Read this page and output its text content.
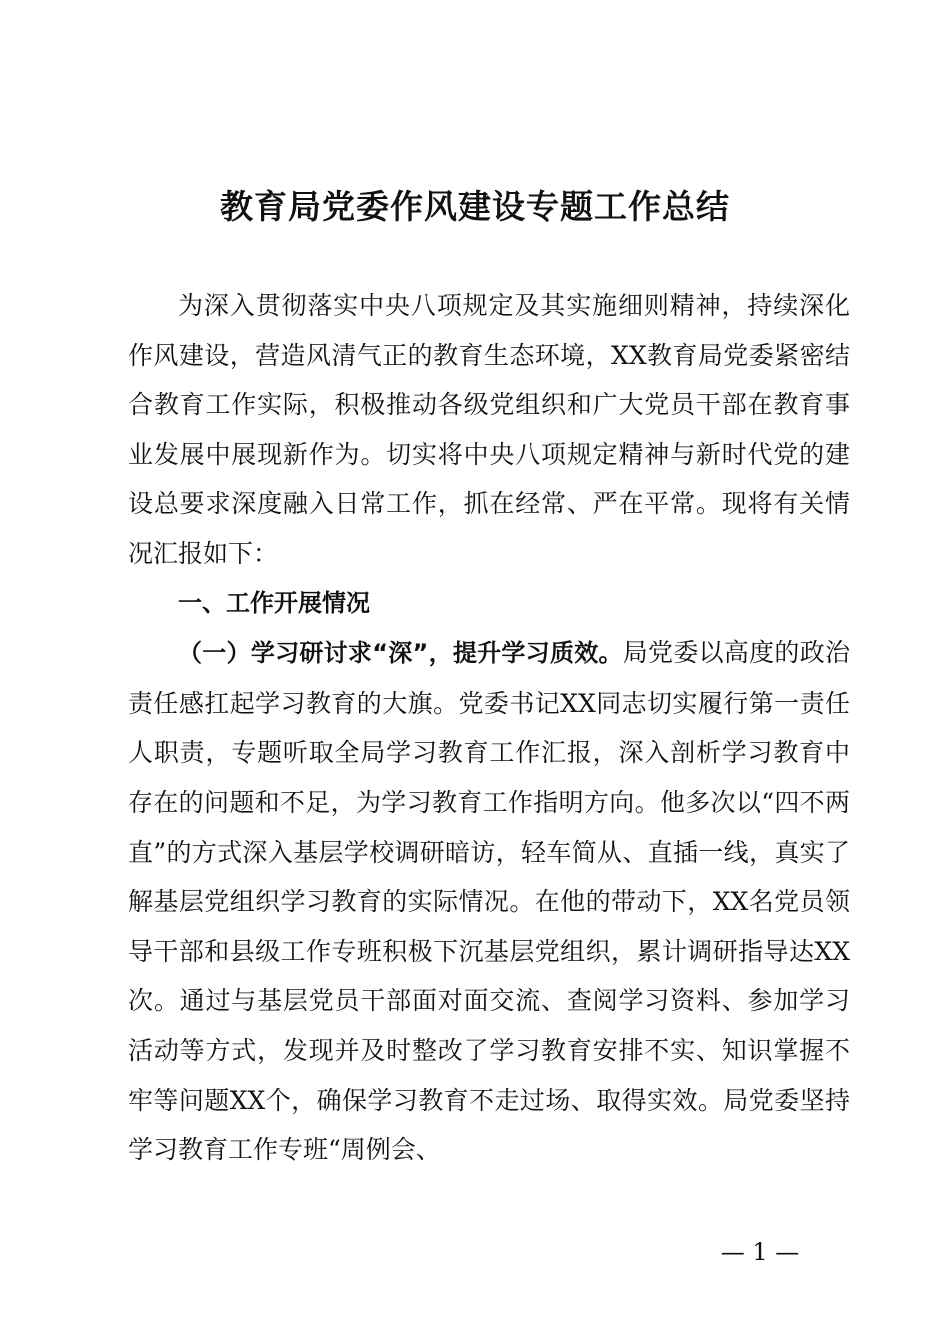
教育局党委作风建设专题工作总结

为深入贯彻落实中央八项规定及其实施细则精神，持续深化作风建设，营造风清气正的教育生态环境，XX教育局党委紧密结合教育工作实际，积极推动各级党组织和广大党员干部在教育事业发展中展现新作为。切实将中央八项规定精神与新时代党的建设总要求深度融入日常工作，抓在经常、严在平常。现将有关情况汇报如下：

一、工作开展情况

（一）学习研讨求“深”，提升学习质效。局党委以高度的政治责任感扛起学习教育的大旗。党委书记XX同志切实履行第一责任人职责，专题听取全局学习教育工作汇报，深入剖析学习教育中存在的问题和不足，为学习教育工作指明方向。他多次以“四不两直”的方式深入基层学校调研暗访，轻车简从、直插一线，真实了解基层党组织学习教育的实际情况。在他的带动下，XX名党员领导干部和县级工作专班积极下沉基层党组织，累计调研指导达XX次。通过与基层党员干部面对面交流、查阅学习资料、参加学习活动等方式，发现并及时整改了学习教育安排不实、知识掌握不牢等问题XX个，确保学习教育不走过场、取得实效。局党委坚持学习教育工作专班“周例会、

— 1 —
